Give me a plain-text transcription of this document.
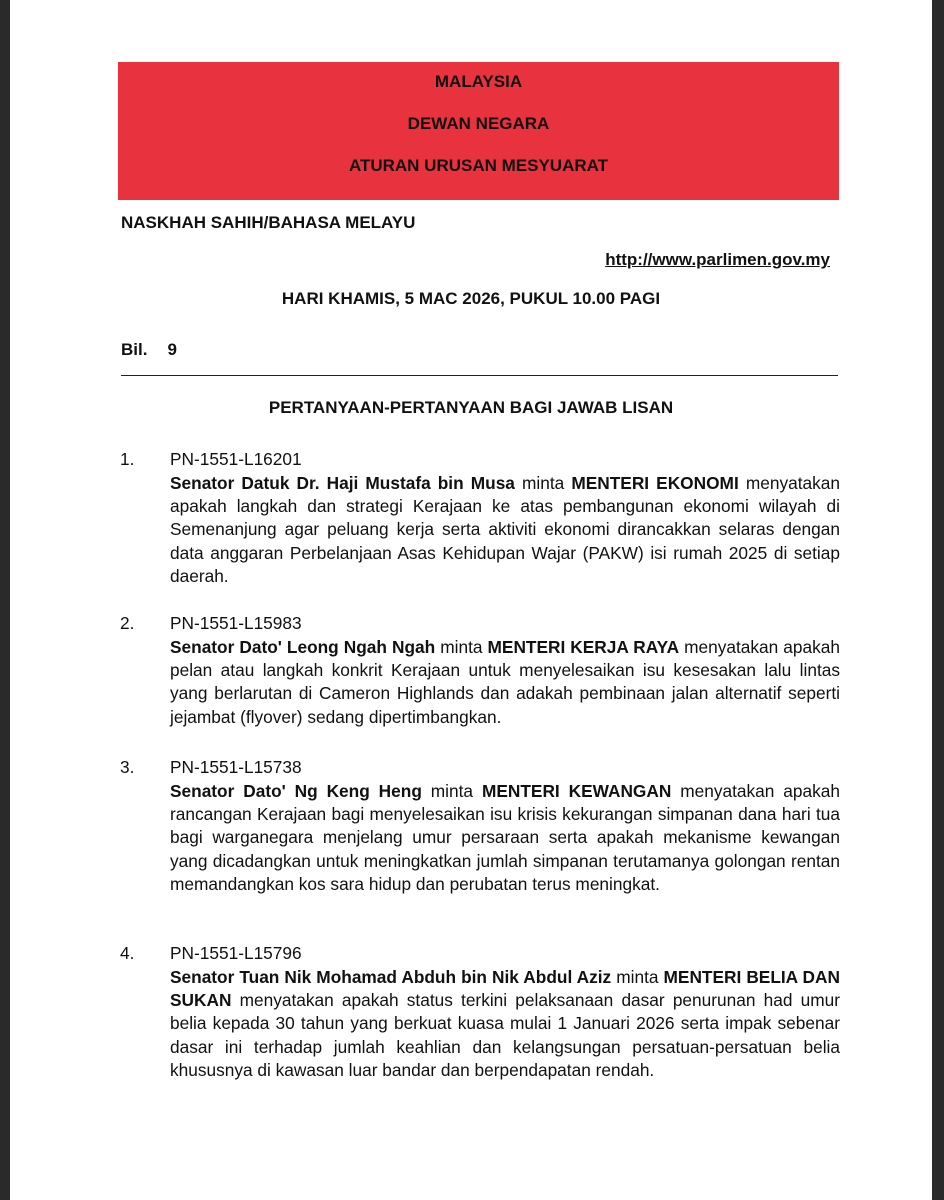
MALAYSIA
DEWAN NEGARA
ATURAN URUSAN MESYUARAT
NASKHAH SAHIH/BAHASA MELAYU
http://www.parlimen.gov.my
HARI KHAMIS, 5 MAC 2026, PUKUL 10.00 PAGI
Bil. 9
PERTANYAAN-PERTANYAAN BAGI JAWAB LISAN
1. PN-1551-L16201
Senator Datuk Dr. Haji Mustafa bin Musa minta MENTERI EKONOMI menyatakan apakah langkah dan strategi Kerajaan ke atas pembangunan ekonomi wilayah di Semenanjung agar peluang kerja serta aktiviti ekonomi dirancakkan selaras dengan data anggaran Perbelanjaan Asas Kehidupan Wajar (PAKW) isi rumah 2025 di setiap daerah.
2. PN-1551-L15983
Senator Dato' Leong Ngah Ngah minta MENTERI KERJA RAYA menyatakan apakah pelan atau langkah konkrit Kerajaan untuk menyelesaikan isu kesesakan lalu lintas yang berlarutan di Cameron Highlands dan adakah pembinaan jalan alternatif seperti jejambat (flyover) sedang dipertimbangkan.
3. PN-1551-L15738
Senator Dato' Ng Keng Heng minta MENTERI KEWANGAN menyatakan apakah rancangan Kerajaan bagi menyelesaikan isu krisis kekurangan simpanan dana hari tua bagi warganegara menjelang umur persaraan serta apakah mekanisme kewangan yang dicadangkan untuk meningkatkan jumlah simpanan terutamanya golongan rentan memandangkan kos sara hidup dan perubatan terus meningkat.
4. PN-1551-L15796
Senator Tuan Nik Mohamad Abduh bin Nik Abdul Aziz minta MENTERI BELIA DAN SUKAN menyatakan apakah status terkini pelaksanaan dasar penurunan had umur belia kepada 30 tahun yang berkuat kuasa mulai 1 Januari 2026 serta impak sebenar dasar ini terhadap jumlah keahlian dan kelangsungan persatuan-persatuan belia khususnya di kawasan luar bandar dan berpendapatan rendah.
